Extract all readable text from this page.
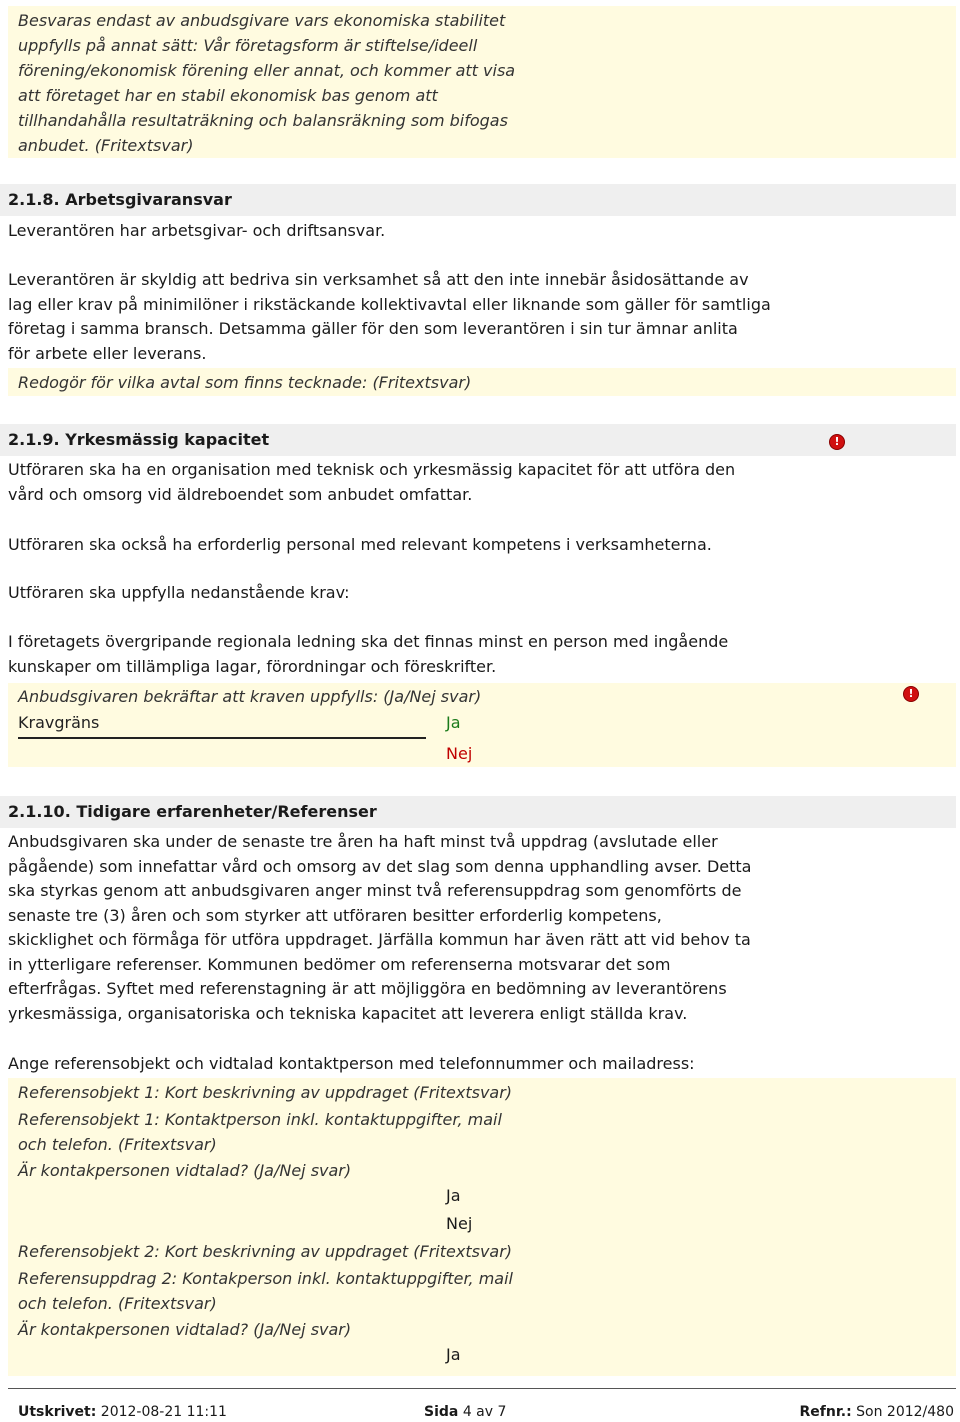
Besvaras endast av anbudsgivare vars ekonomiska stabilitet
uppfylls på annat sätt: Vår företagsform är stiftelse/ideell
förening/ekonomisk förening eller annat, och kommer att visa
att företaget har en stabil ekonomisk bas genom att
tillhandahålla resultaträkning och balansräkning som bifogas
anbudet. (Fritextsvar)
2.1.8. Arbetsgivaransvar
Leverantören har arbetsgivar- och driftsansvar.
Leverantören är skyldig att bedriva sin verksamhet så att den inte innebär åsidosättande av
lag eller krav på minimilöner i rikstäckande kollektivavtal eller liknande som gäller för samtliga
företag i samma bransch. Detsamma gäller för den som leverantören i sin tur ämnar anlita
för arbete eller leverans.
Redogör för vilka avtal som finns tecknade: (Fritextsvar)
2.1.9. Yrkesmässig kapacitet	!
Utföraren ska ha en organisation med teknisk och yrkesmässig kapacitet för att utföra den
vård och omsorg vid äldreboendet som anbudet omfattar.
Utföraren ska också ha erforderlig personal med relevant kompetens i verksamheterna.
Utföraren ska uppfylla nedanstående krav:
I företagets övergripande regionala ledning ska det finnas minst en person med ingående
kunskaper om tillämpliga lagar, förordningar och föreskrifter.
Anbudsgivaren bekräftar att kraven uppfylls: (Ja/Nej svar)	!
Kravgräns	Ja
Nej
2.1.10. Tidigare erfarenheter/Referenser
Anbudsgivaren ska under de senaste tre åren ha haft minst två uppdrag (avslutade eller
pågående) som innefattar vård och omsorg av det slag som denna upphandling avser. Detta
ska styrkas genom att anbudsgivaren anger minst två referensuppdrag som genomförts de
senaste tre (3) åren och som styrker att utföraren besitter erforderlig kompetens,
skicklighet och förmåga för utföra uppdraget. Järfälla kommun har även rätt att vid behov ta
in ytterligare referenser. Kommunen bedömer om referenserna motsvarar det som
efterfrågas. Syftet med referenstagning är att möjliggöra en bedömning av leverantörens
yrkesmässiga, organisatoriska och tekniska kapacitet att leverera enligt ställda krav.
Ange referensobjekt och vidtalad kontaktperson med telefonnummer och mailadress:
Referensobjekt 1: Kort beskrivning av uppdraget (Fritextsvar)
Referensobjekt 1: Kontaktperson inkl. kontaktuppgifter, mail
och telefon. (Fritextsvar)
Är kontakpersonen vidtalad? (Ja/Nej svar)
Ja
Nej
Referensobjekt 2: Kort beskrivning av uppdraget (Fritextsvar)
Referensuppdrag 2: Kontakperson inkl. kontaktuppgifter, mail
och telefon. (Fritextsvar)
Är kontakpersonen vidtalad? (Ja/Nej svar)
Ja
Utskrivet: 2012-08-21 11:11	Sida 4 av 7	Refnr.: Son 2012/480
